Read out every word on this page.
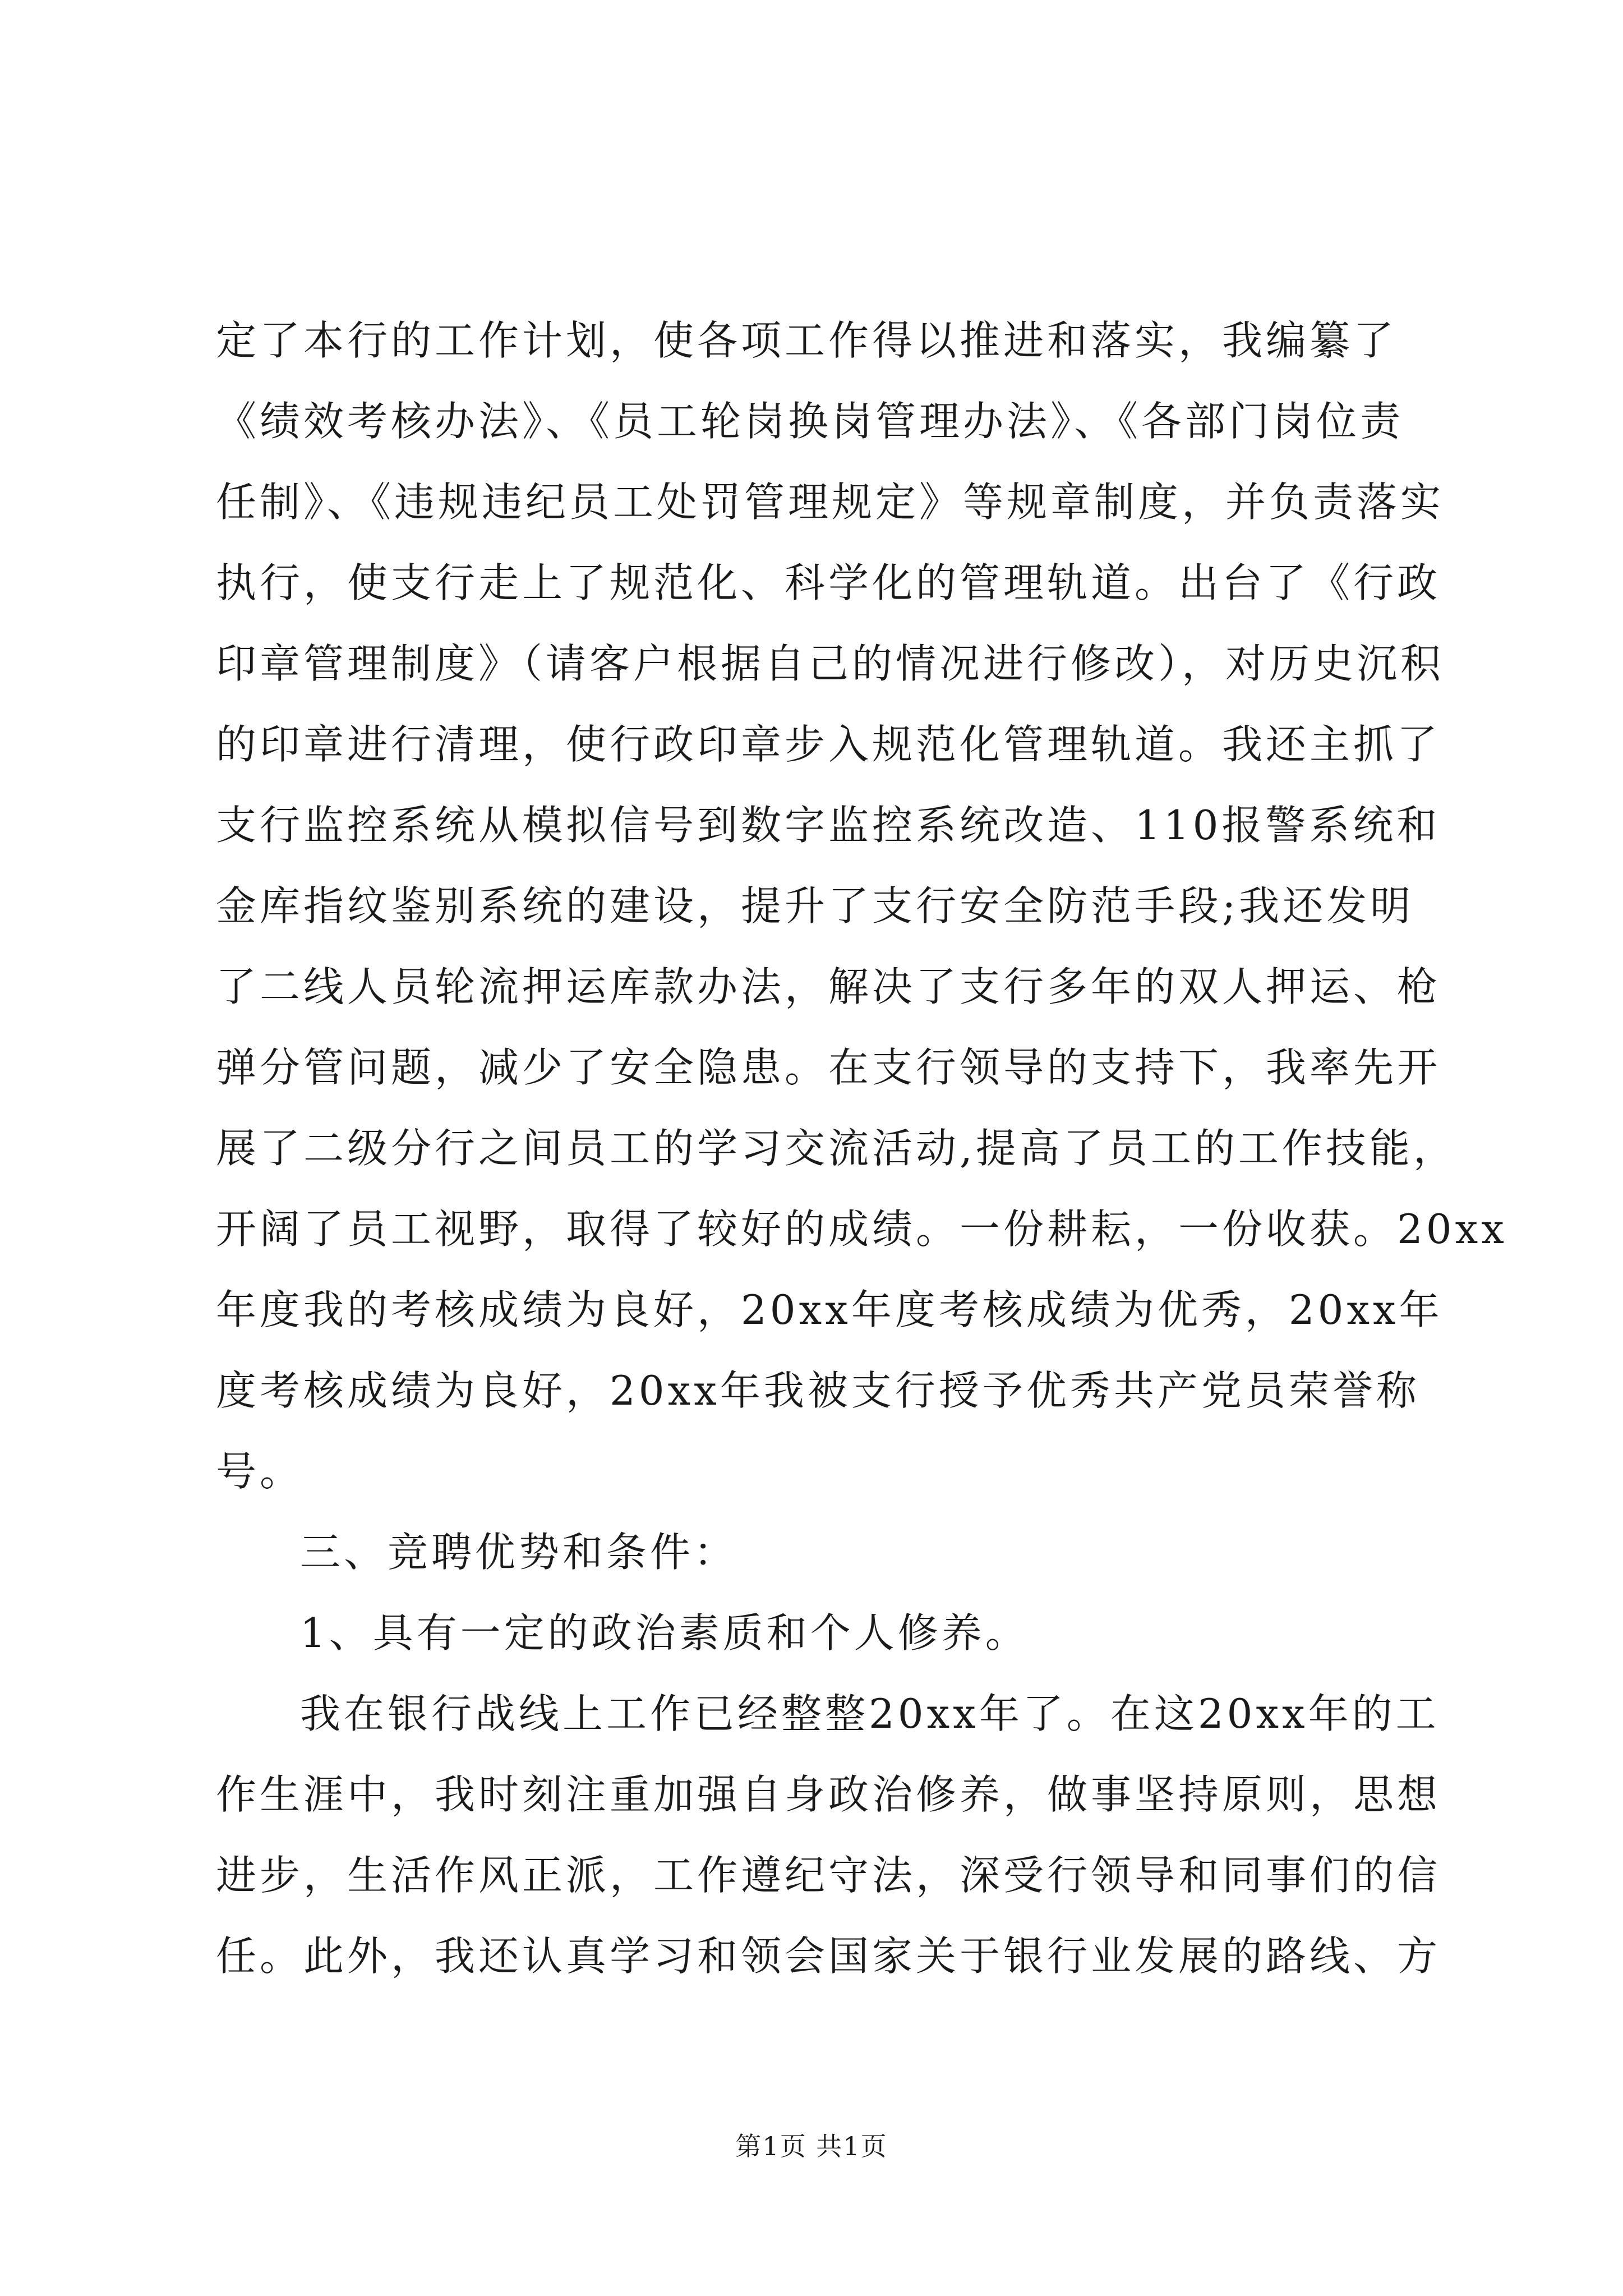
定了本行的工作计划，使各项工作得以推进和落实，我编纂了
《绩效考核办法》、《员工轮岗换岗管理办法》、《各部门岗位责
任制》、《违规违纪员工处罚管理规定》等规章制度，并负责落实
执行，使支行走上了规范化、科学化的管理轨道。出台了《行政
印章管理制度》（请客户根据自己的情况进行修改），对历史沉积
的印章进行清理，使行政印章步入规范化管理轨道。我还主抓了
支行监控系统从模拟信号到数字监控系统改造、110报警系统和
金库指纹鉴别系统的建设，提升了支行安全防范手段;我还发明
了二线人员轮流押运库款办法，解决了支行多年的双人押运、枪
弹分管问题，减少了安全隐患。在支行领导的支持下，我率先开
展了二级分行之间员工的学习交流活动,提高了员工的工作技能，
开阔了员工视野，取得了较好的成绩。一份耕耘，一份收获。20xx
年度我的考核成绩为良好，20xx年度考核成绩为优秀，20xx年
度考核成绩为良好，20xx年我被支行授予优秀共产党员荣誉称
号。
三、竞聘优势和条件：
1、具有一定的政治素质和个人修养。
我在银行战线上工作已经整整20xx年了。在这20xx年的工
作生涯中，我时刻注重加强自身政治修养，做事坚持原则，思想
进步，生活作风正派，工作遵纪守法，深受行领导和同事们的信
任。此外，我还认真学习和领会国家关于银行业发展的路线、方
第1页 共1页
